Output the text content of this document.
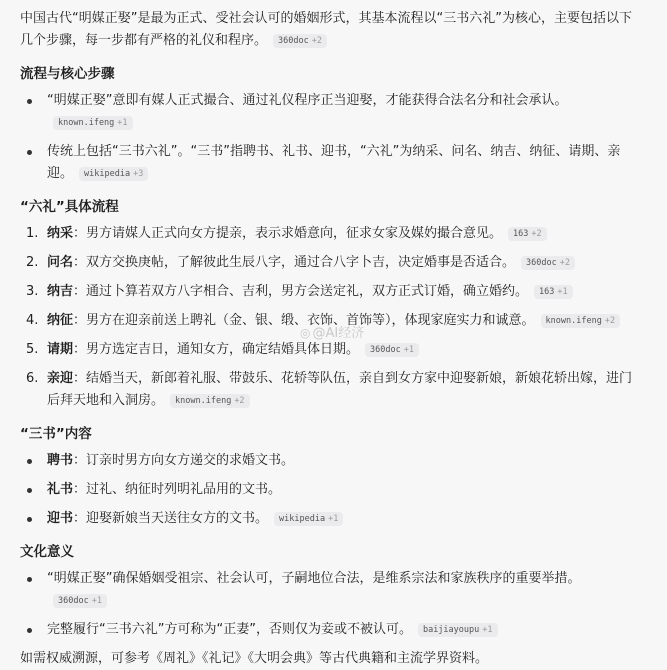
中国古代“明媒正娶”是最为正式、受社会认可的婚姻形式，其基本流程以“三书六礼”为核心，主要包括以下几个步骤，每一步都有严格的礼仪和程序。 360doc +2

流程与核心步骤
“明媒正娶”意即有媒人正式撮合、通过礼仪程序正当迎娶，才能获得合法名分和社会承认。known.ifeng +1
传统上包括“三书六礼”。“三书”指聘书、礼书、迎书，“六礼”为纳采、问名、纳吉、纳征、请期、亲迎。 wikipedia +3
“六礼”具体流程
1. 纳采：男方请媒人正式向女方提亲，表示求婚意向，征求女家及媒妁撮合意见。 163 +2
2. 问名：双方交换庚帖，了解彼此生辰八字，通过合八字卜吉，决定婚事是否适合。 360doc +2
3. 纳吉：通过卜算若双方八字相合、吉利，男方会送定礼，双方正式订婚，确立婚约。 163 +1
4. 纳征：男方在迎亲前送上聘礼（金、银、缎、衣饰、首饰等），体现家庭实力和诚意。 known.ifeng +2
5. 请期：男方选定吉日，通知女方，确定结婚具体日期。 360doc +1
6. 亲迎：结婚当天，新郎着礼服、带鼓乐、花轿等队伍，亲自到女方家中迎娶新娘，新娘花轿出嫁，进门后拜天地和入洞房。 known.ifeng +2
“三书”内容
聘书：订亲时男方向女方递交的求婚文书。
礼书：过礼、纳征时列明礼品用的文书。
迎书：迎娶新娘当天送往女方的文书。 wikipedia +1
文化意义
“明媒正娶”确保婚姻受祖宗、社会认可，子嗣地位合法，是维系宗法和家族秩序的重要举措。360doc +1
完整履行“三书六礼”方可称为“正妻”，否则仅为妾或不被认可。 baijiayoupu +1

如需权威溯源，可参考《周礼》《礼记》《大明会典》等古代典籍和主流学界资料。

◎ @AI经济
